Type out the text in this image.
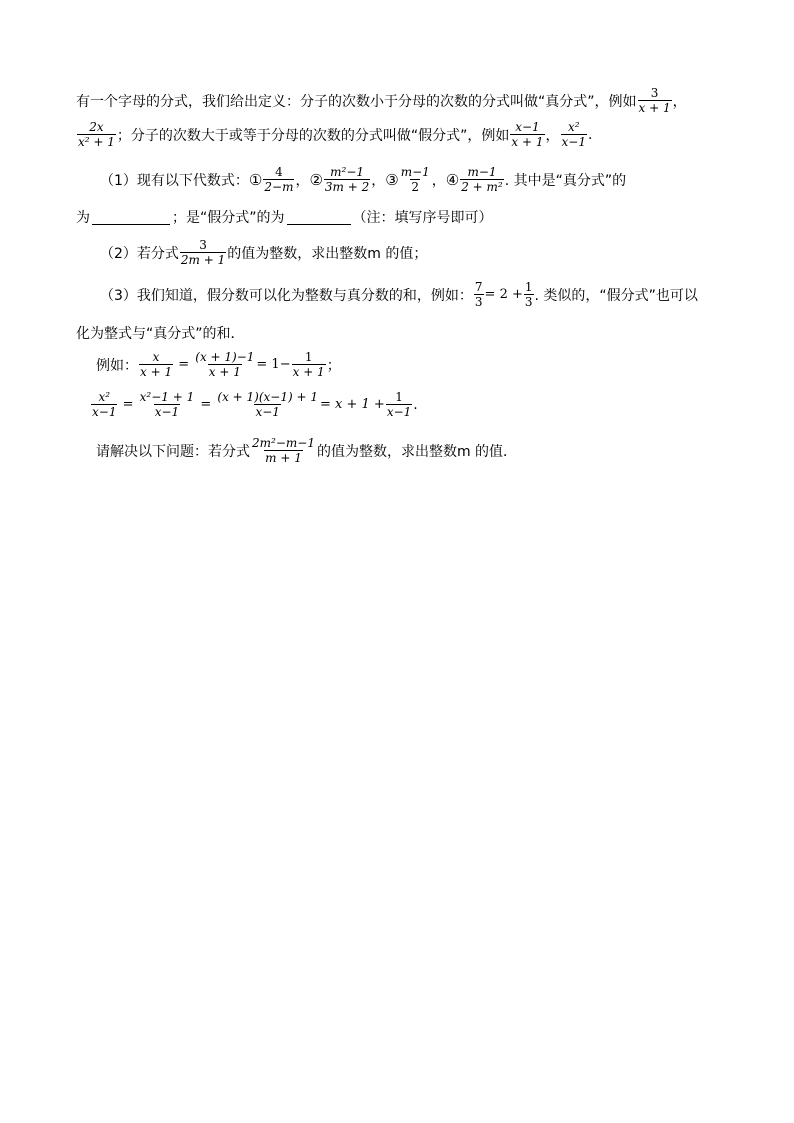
有一个字母的分式，我们给出定义：分子的次数小于分母的次数的分式叫做“真分式”，例如 $\frac{3}{x + 1}$ ，
$\frac{2x}{\text{x² + 1}}$ ；分子的次数大于或等于分母的次数的分式叫做“假分式”，例如 $\frac{x-1}{x + 1}$ ， $\frac{\text{x²}}{x-1}$ .
（1）现有以下代数式： ① $\frac{4}{2-m}$ ， ② $\frac{\text{m²−1}}{3m + 2}$ ， ③ $\frac{m-1}{2}$ ， ④ $\frac{m-1}{\text{2 + m²}}$ . 其中是“真分式”的
为	；是“假分式”的为	（注：填写序号即可）
（2）若分式 $\frac{3}{2m + 1}$ 的值为整数，求出整数m 的值；
（3）我们知道，假分数可以化为整数与真分数的和，例如： $\frac{7}{3} = 2 + \frac{1}{3}$ . 类似的，“假分式”也可以
化为整式与“真分式”的和．
例如： $\frac{x}{x + 1} = \frac{(x + 1)-1}{x + 1} = 1- \frac{1}{x + 1}$ ；
$\frac{\text{x²}}{x-1} = \frac{\text{x²−1 + 1}}{x-1} = \frac{(x + 1)(x-1) + 1}{x-1} = x + 1 + \frac{1}{x-1}$ .
请解决以下问题：若分式 $\frac{\text{2m²−m−1}}{m + 1}$ 的值为整数，求出整数m 的值．
